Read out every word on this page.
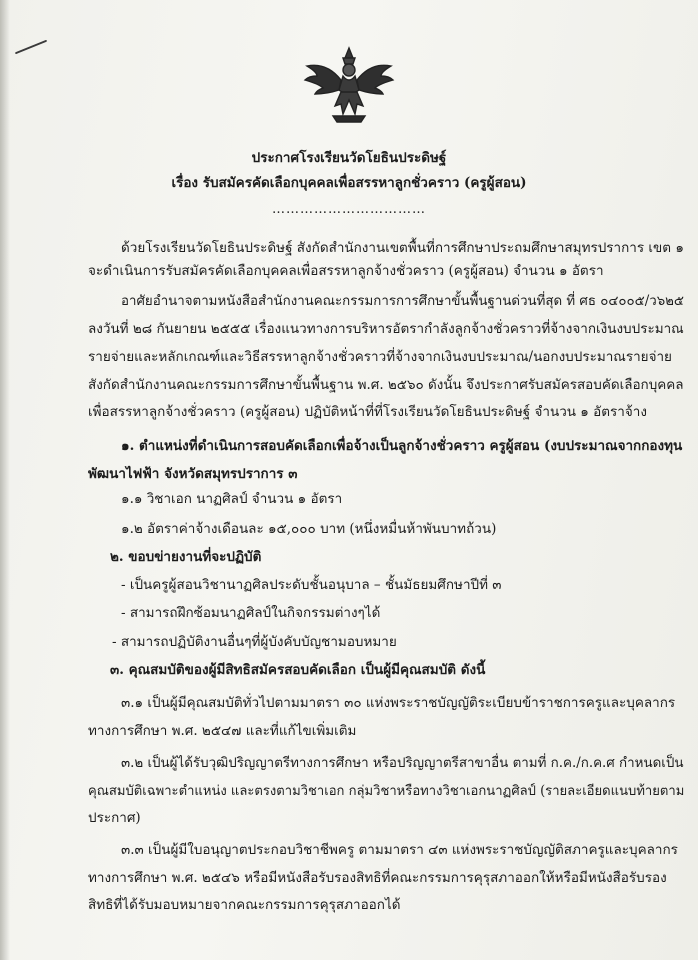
ประกาศโรงเรียนวัดโยธินประดิษฐ์
เรื่อง รับสมัครคัดเลือกบุคคลเพื่อสรรหาลูกชั่วคราว (ครูผู้สอน)
……………………………
ด้วยโรงเรียนวัดโยธินประดิษฐ์ สังกัดสำนักงานเขตพื้นที่การศึกษาประถมศึกษาสมุทรปราการ เขต ๑
จะดำเนินการรับสมัครคัดเลือกบุคคลเพื่อสรรหาลูกจ้างชั่วคราว (ครูผู้สอน) จำนวน ๑ อัตรา
อาศัยอำนาจตามหนังสือสำนักงานคณะกรรมการการศึกษาขั้นพื้นฐานด่วนที่สุด ที่ ศธ ๐๔๐๐๕/ว๖๒๕
ลงวันที่ ๒๘ กันยายน ๒๕๕๕ เรื่องแนวทางการบริหารอัตรากำลังลูกจ้างชั่วคราวที่จ้างจากเงินงบประมาณ
รายจ่ายและหลักเกณฑ์และวิธีสรรหาลูกจ้างชั่วคราวที่จ้างจากเงินงบประมาณ/นอกงบประมาณรายจ่าย
สังกัดสำนักงานคณะกรรมการศึกษาขั้นพื้นฐาน พ.ศ. ๒๕๖๐ ดังนั้น จึงประกาศรับสมัครสอบคัดเลือกบุคคล
เพื่อสรรหาลูกจ้างชั่วคราว (ครูผู้สอน) ปฏิบัติหน้าที่ที่โรงเรียนวัดโยธินประดิษฐ์ จำนวน ๑ อัตราจ้าง
๑. ตำแหน่งที่ดำเนินการสอบคัดเลือกเพื่อจ้างเป็นลูกจ้างชั่วคราว ครูผู้สอน (งบประมาณจากกองทุน
พัฒนาไฟฟ้า จังหวัดสมุทรปราการ ๓
๑.๑ วิชาเอก นาฏศิลป์ จำนวน ๑ อัตรา
๑.๒ อัตราค่าจ้างเดือนละ ๑๕,๐๐๐ บาท (หนึ่งหมื่นห้าพันบาทถ้วน)
๒. ขอบข่ายงานที่จะปฏิบัติ
- เป็นครูผู้สอนวิชานาฏศิลประดับชั้นอนุบาล – ชั้นมัธยมศึกษาปีที่ ๓
- สามารถฝึกซ้อมนาฏศิลป์ในกิจกรรมต่างๆได้
- สามารถปฏิบัติงานอื่นๆที่ผู้บังคับบัญชามอบหมาย
๓. คุณสมบัติของผู้มีสิทธิสมัครสอบคัดเลือก เป็นผู้มีคุณสมบัติ ดังนี้
๓.๑ เป็นผู้มีคุณสมบัติทั่วไปตามมาตรา ๓๐ แห่งพระราชบัญญัติระเบียบข้าราชการครูและบุคลากร
ทางการศึกษา พ.ศ. ๒๕๔๗ และที่แก้ไขเพิ่มเติม
๓.๒ เป็นผู้ได้รับวุฒิปริญญาตรีทางการศึกษา หรือปริญญาตรีสาขาอื่น ตามที่ ก.ค./ก.ค.ศ กำหนดเป็น
คุณสมบัติเฉพาะตำแหน่ง และตรงตามวิชาเอก กลุ่มวิชาหรือทางวิชาเอกนาฏศิลป์ (รายละเอียดแนบท้ายตาม
ประกาศ)
๓.๓ เป็นผู้มีใบอนุญาตประกอบวิชาชีพครู ตามมาตรา ๔๓ แห่งพระราชบัญญัติสภาครูและบุคลากร
ทางการศึกษา พ.ศ. ๒๕๔๖ หรือมีหนังสือรับรองสิทธิที่คณะกรรมการคุรุสภาออกให้หรือมีหนังสือรับรอง
สิทธิที่ได้รับมอบหมายจากคณะกรรมการคุรุสภาออกได้
